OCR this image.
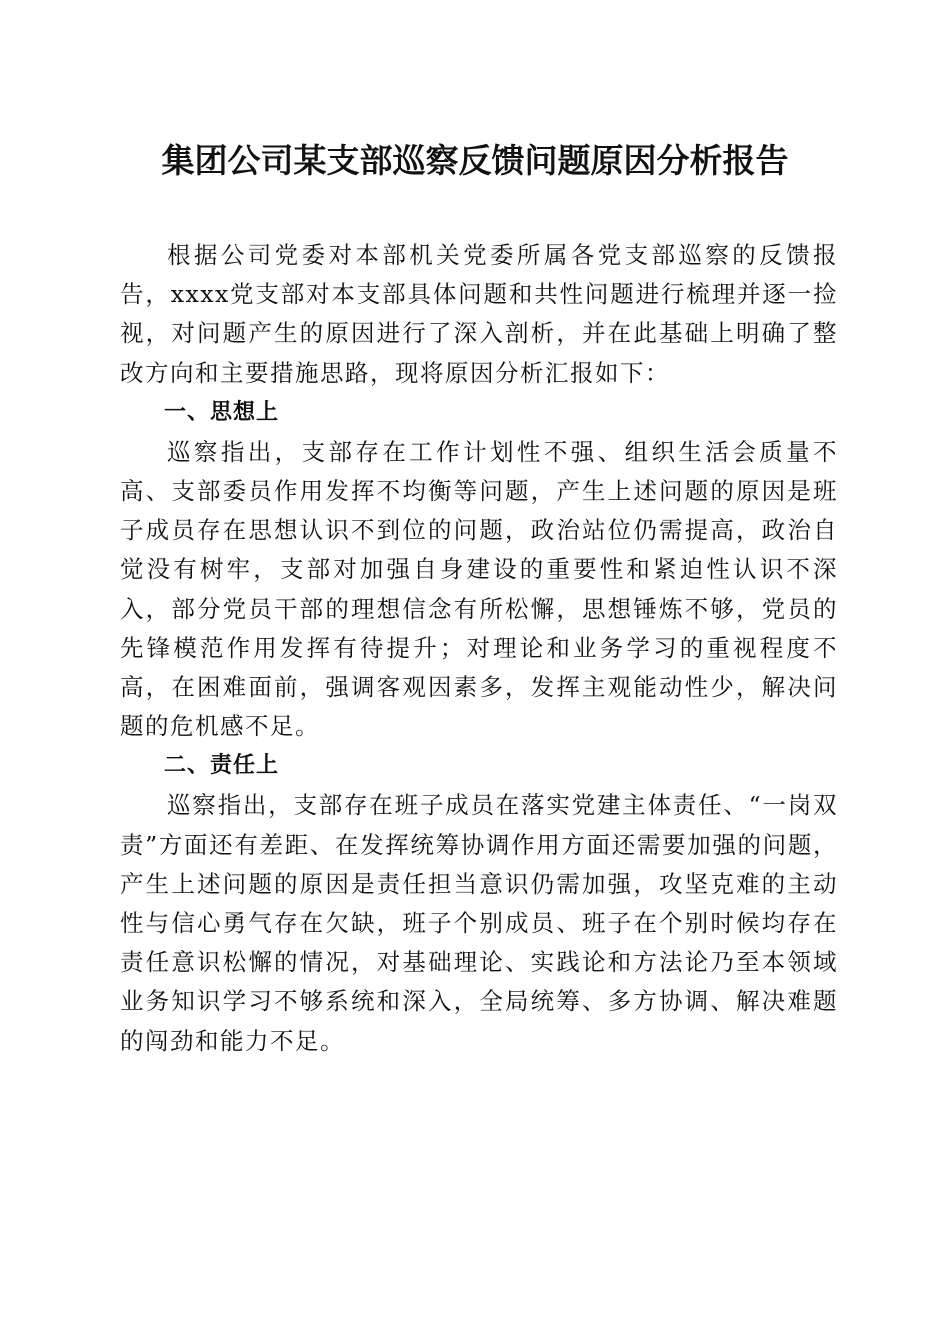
集团公司某支部巡察反馈问题原因分析报告

根据公司党委对本部机关党委所属各党支部巡察的反馈报告，xxxx党支部对本支部具体问题和共性问题进行梳理并逐一捡视，对问题产生的原因进行了深入剖析，并在此基础上明确了整改方向和主要措施思路，现将原因分析汇报如下：

一、思想上

巡察指出，支部存在工作计划性不强、组织生活会质量不高、支部委员作用发挥不均衡等问题，产生上述问题的原因是班子成员存在思想认识不到位的问题，政治站位仍需提高，政治自觉没有树牢，支部对加强自身建设的重要性和紧迫性认识不深入，部分党员干部的理想信念有所松懈，思想锤炼不够，党员的先锋模范作用发挥有待提升；对理论和业务学习的重视程度不高，在困难面前，强调客观因素多，发挥主观能动性少，解决问题的危机感不足。

二、责任上

巡察指出，支部存在班子成员在落实党建主体责任、“一岗双责”方面还有差距、在发挥统筹协调作用方面还需要加强的问题，产生上述问题的原因是责任担当意识仍需加强，攻坚克难的主动性与信心勇气存在欠缺，班子个别成员、班子在个别时候均存在责任意识松懈的情况，对基础理论、实践论和方法论乃至本领域业务知识学习不够系统和深入，全局统筹、多方协调、解决难题的闯劲和能力不足。
